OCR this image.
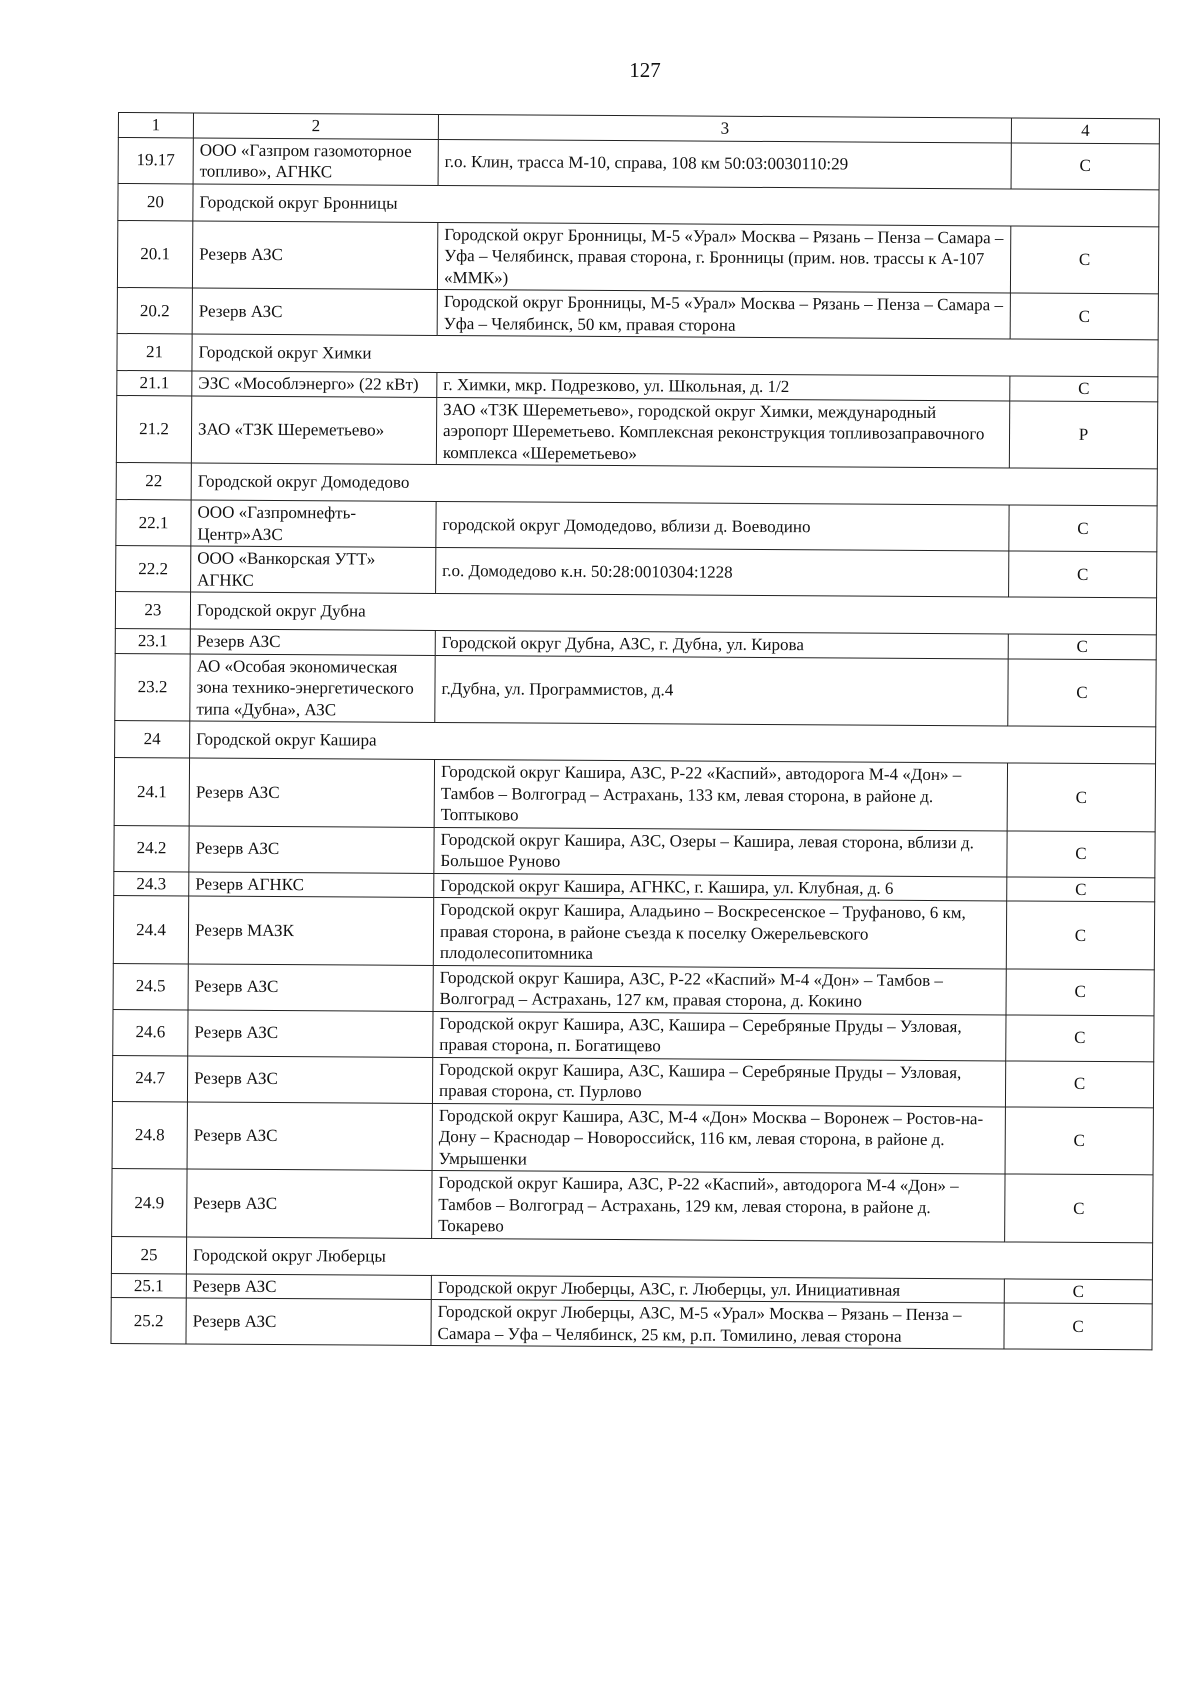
127
1	2	3	4
19.17	ООО «Газпром газомоторное топливо», АГНКС	г.о. Клин, трасса М-10, справа, 108 км 50:03:0030110:29	С
20	Городской округ Бронницы		
20.1	Резерв АЗС	Городской округ Бронницы, М-5 «Урал» Москва – Рязань – Пенза – Самара – Уфа – Челябинск, правая сторона, г. Бронницы (прим. нов. трассы к А-107 «ММК»)	С
20.2	Резерв АЗС	Городской округ Бронницы, М-5 «Урал» Москва – Рязань – Пенза – Самара – Уфа – Челябинск, 50 км, правая сторона	С
21	Городской округ Химки		
21.1	ЭЗС «Мособлэнерго» (22 кВт)	г. Химки, мкр. Подрезково, ул. Школьная, д. 1/2	С
21.2	ЗАО «ТЗК Шереметьево»	ЗАО «ТЗК Шереметьево», городской округ Химки, международный аэропорт Шереметьево. Комплексная реконструкция топливозаправочного комплекса «Шереметьево»	Р
22	Городской округ Домодедово		
22.1	ООО «Газпромнефть-Центр»АЗС	городской округ Домодедово, вблизи д. Воеводино	С
22.2	ООО «Ванкорская УТТ» АГНКС	г.о. Домодедово к.н. 50:28:0010304:1228	С
23	Городской округ Дубна		
23.1	Резерв АЗС	Городской округ Дубна, АЗС, г. Дубна, ул. Кирова	С
23.2	АО «Особая экономическая зона технико-энергетического типа «Дубна», АЗС	г.Дубна, ул. Программистов, д.4	С
24	Городской округ Кашира		
24.1	Резерв АЗС	Городской округ Кашира, АЗС, Р-22 «Каспий», автодорога М-4 «Дон» – Тамбов – Волгоград – Астрахань, 133 км, левая сторона, в районе д. Топтыково	С
24.2	Резерв АЗС	Городской округ Кашира, АЗС, Озеры – Кашира, левая сторона, вблизи д. Большое Руново	С
24.3	Резерв АГНКС	Городской округ Кашира, АГНКС, г. Кашира, ул. Клубная, д. 6	С
24.4	Резерв МАЗК	Городской округ Кашира, Аладьино – Воскресенское – Труфаново, 6 км, правая сторона, в районе съезда к поселку Ожерельевского плодолесопитомника	С
24.5	Резерв АЗС	Городской округ Кашира, АЗС, Р-22 «Каспий» М-4 «Дон» – Тамбов – Волгоград – Астрахань, 127 км, правая сторона, д. Кокино	С
24.6	Резерв АЗС	Городской округ Кашира, АЗС, Кашира – Серебряные Пруды – Узловая, правая сторона, п. Богатищево	С
24.7	Резерв АЗС	Городской округ Кашира, АЗС, Кашира – Серебряные Пруды – Узловая, правая сторона, ст. Пурлово	С
24.8	Резерв АЗС	Городской округ Кашира, АЗС, М-4 «Дон» Москва – Воронеж – Ростов-на-Дону – Краснодар – Новороссийск, 116 км, левая сторона, в районе д. Умрышенки	С
24.9	Резерв АЗС	Городской округ Кашира, АЗС, Р-22 «Каспий», автодорога М-4 «Дон» – Тамбов – Волгоград – Астрахань, 129 км, левая сторона, в районе д. Токарево	С
25	Городской округ Люберцы		
25.1	Резерв АЗС	Городской округ Люберцы, АЗС, г. Люберцы, ул. Инициативная	С
25.2	Резерв АЗС	Городской округ Люберцы, АЗС, М-5 «Урал» Москва – Рязань – Пенза – Самара – Уфа – Челябинск, 25 км, р.п. Томилино, левая сторона	С
